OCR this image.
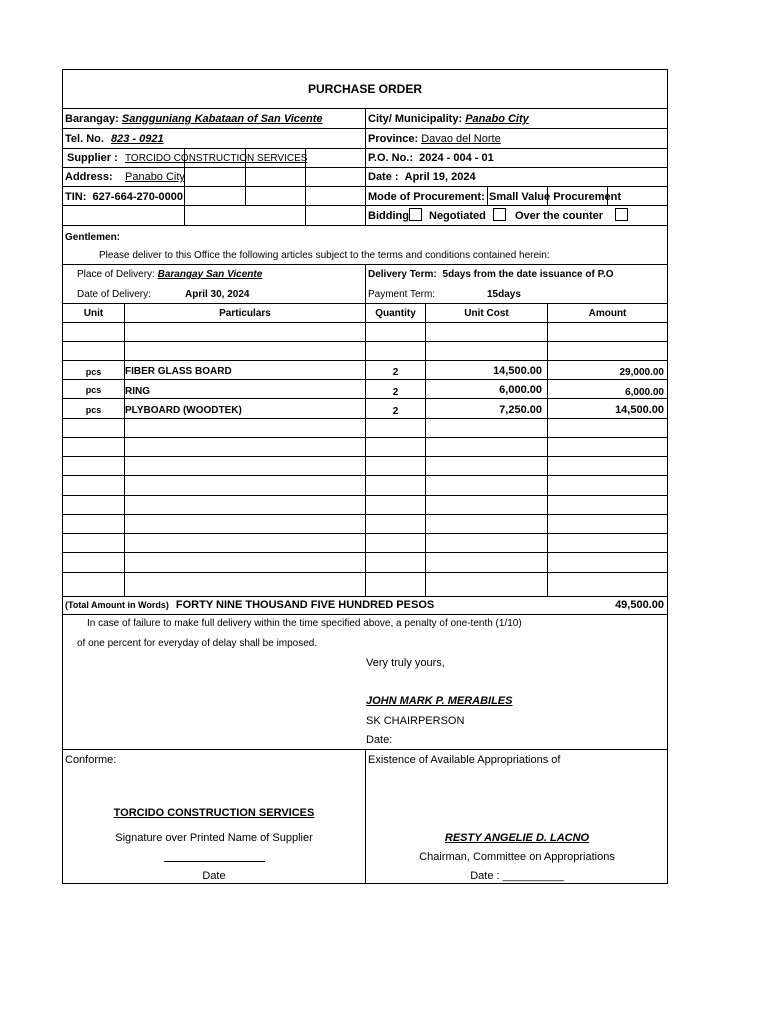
PURCHASE ORDER
Barangay: Sangguniang Kabataan of San Vicente
Tel. No. 823 - 0921
Supplier : TORCIDO CONSTRUCTION SERVICES
Address: Panabo City
TIN: 627-664-270-0000
City/ Municipality: Panabo City
Province: Davao del Norte
P.O. No.: 2024 - 004 - 01
Date : April 19, 2024
Mode of Procurement: Small Value Procurement
Bidding Negotiated	Over the counter
Gentlemen:
Please deliver to this Office the following articles subject to the terms and conditions contained herein:
Place of Delivery: Barangay San Vicente
Date of Delivery:	April 30, 2024
Delivery Term: 5days from the date issuance of P.O
Payment Term:	15days
Unit	Particulars	Quantity	Unit Cost	Amount
pcs	FIBER GLASS BOARD	2	14,500.00	29,000.00
pcs	RING	2	6,000.00	6,000.00
pcs	PLYBOARD (WOODTEK)	2	7,250.00	14,500.00
(Total Amount in Words) FORTY NINE THOUSAND FIVE HUNDRED PESOS	49,500.00
In case of failure to make full delivery within the time specified above, a penalty of one-tenth (1/10)
of one percent for everyday of delay shall be imposed.
Very truly yours,
JOHN MARK P. MERABILES
SK CHAIRPERSON
Date:
Conforme:
TORCIDO CONSTRUCTION SERVICES
Signature over Printed Name of Supplier
Date
Existence of Available Appropriations of
RESTY ANGELIE D. LACNO
Chairman, Committee on Appropriations
Date : __________
